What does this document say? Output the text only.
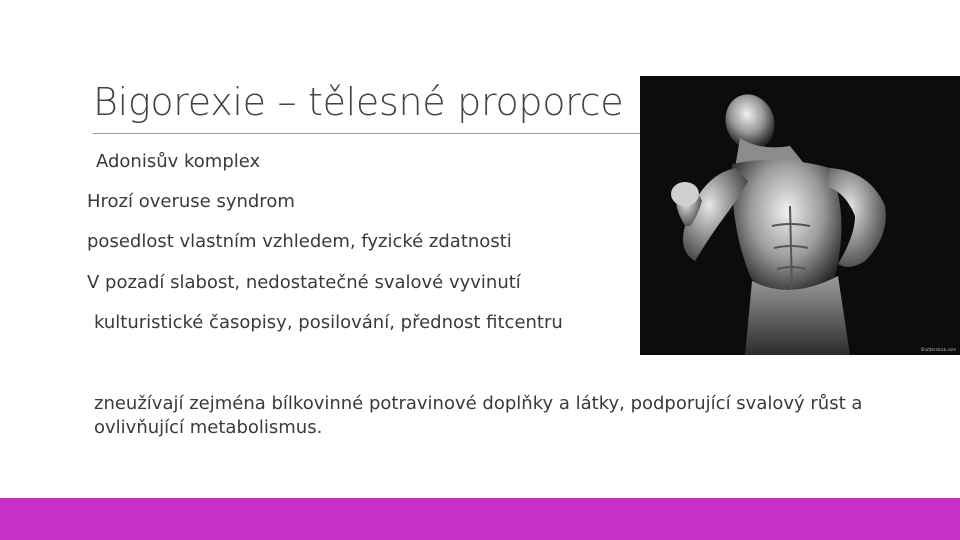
Bigorexie – tělesné proporce
Adonisův komplex
Hrozí overuse syndrom
posedlost vlastním vzhledem, fyzické zdatnosti
V pozadí slabost, nedostatečné svalové vyvinutí
kulturistické časopisy, posilování, přednost fitcentru
zneužívají zejména bílkovinné potravinové doplňky a látky, podporující svalový růst a ovlivňující metabolismus.
Shutterstock.com
